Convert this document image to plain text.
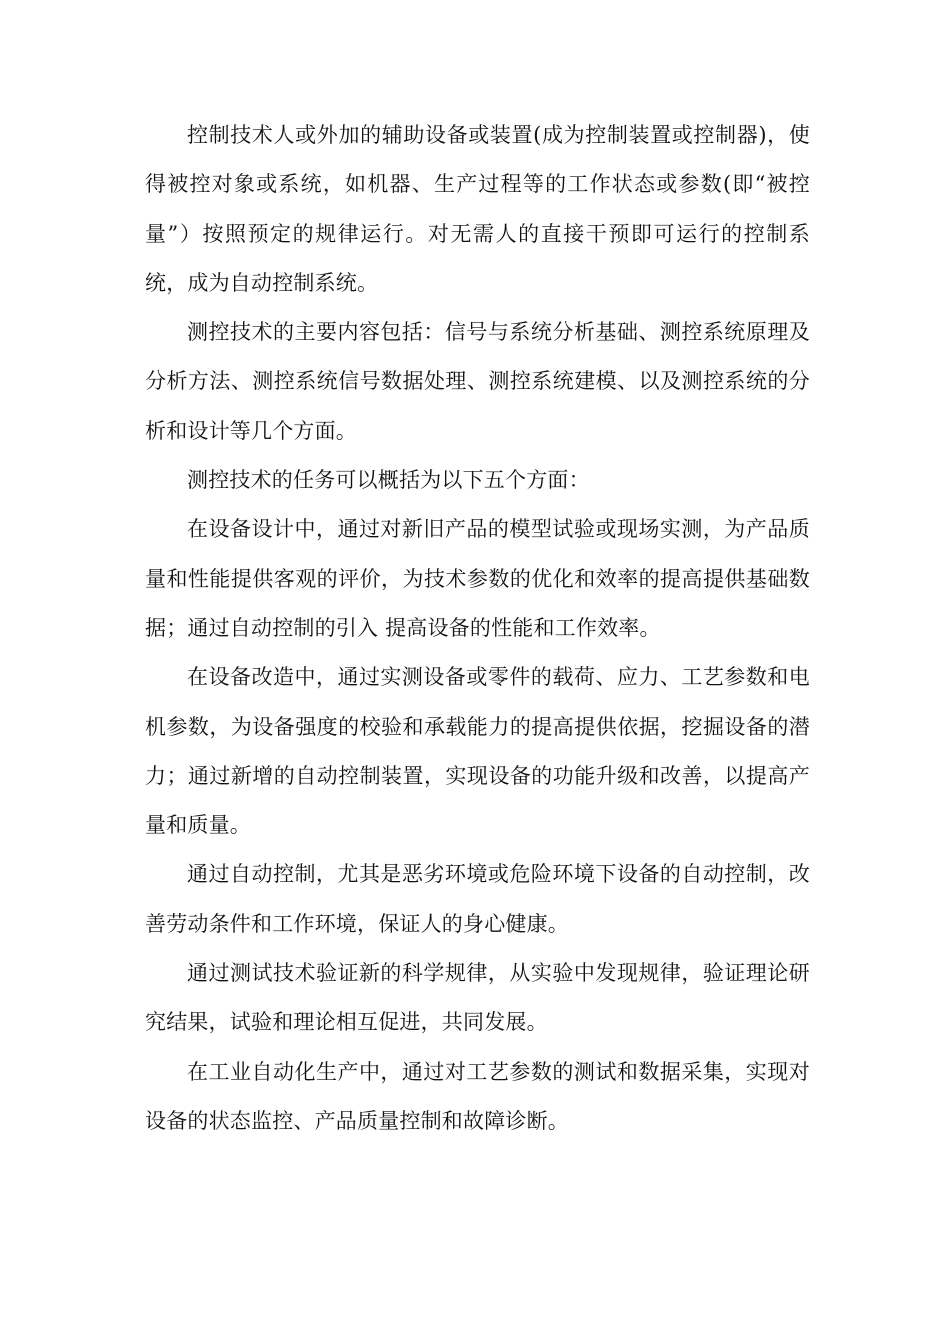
控制技术人或外加的辅助设备或装置(成为控制装置或控制器)，使得被控对象或系统，如机器、生产过程等的工作状态或参数(即“被控量”）按照预定的规律运行。对无需人的直接干预即可运行的控制系统，成为自动控制系统。

测控技术的主要内容包括：信号与系统分析基础、测控系统原理及分析方法、测控系统信号数据处理、测控系统建模、以及测控系统的分析和设计等几个方面。

测控技术的任务可以概括为以下五个方面：

在设备设计中，通过对新旧产品的模型试验或现场实测，为产品质量和性能提供客观的评价，为技术参数的优化和效率的提高提供基础数据；通过自动控制的引入 提高设备的性能和工作效率。

在设备改造中，通过实测设备或零件的载荷、应力、工艺参数和电机参数，为设备强度的校验和承载能力的提高提供依据，挖掘设备的潜力；通过新增的自动控制装置，实现设备的功能升级和改善，以提高产量和质量。

通过自动控制，尤其是恶劣环境或危险环境下设备的自动控制，改善劳动条件和工作环境，保证人的身心健康。

通过测试技术验证新的科学规律，从实验中发现规律，验证理论研究结果，试验和理论相互促进，共同发展。

在工业自动化生产中，通过对工艺参数的测试和数据采集，实现对设备的状态监控、产品质量控制和故障诊断。
